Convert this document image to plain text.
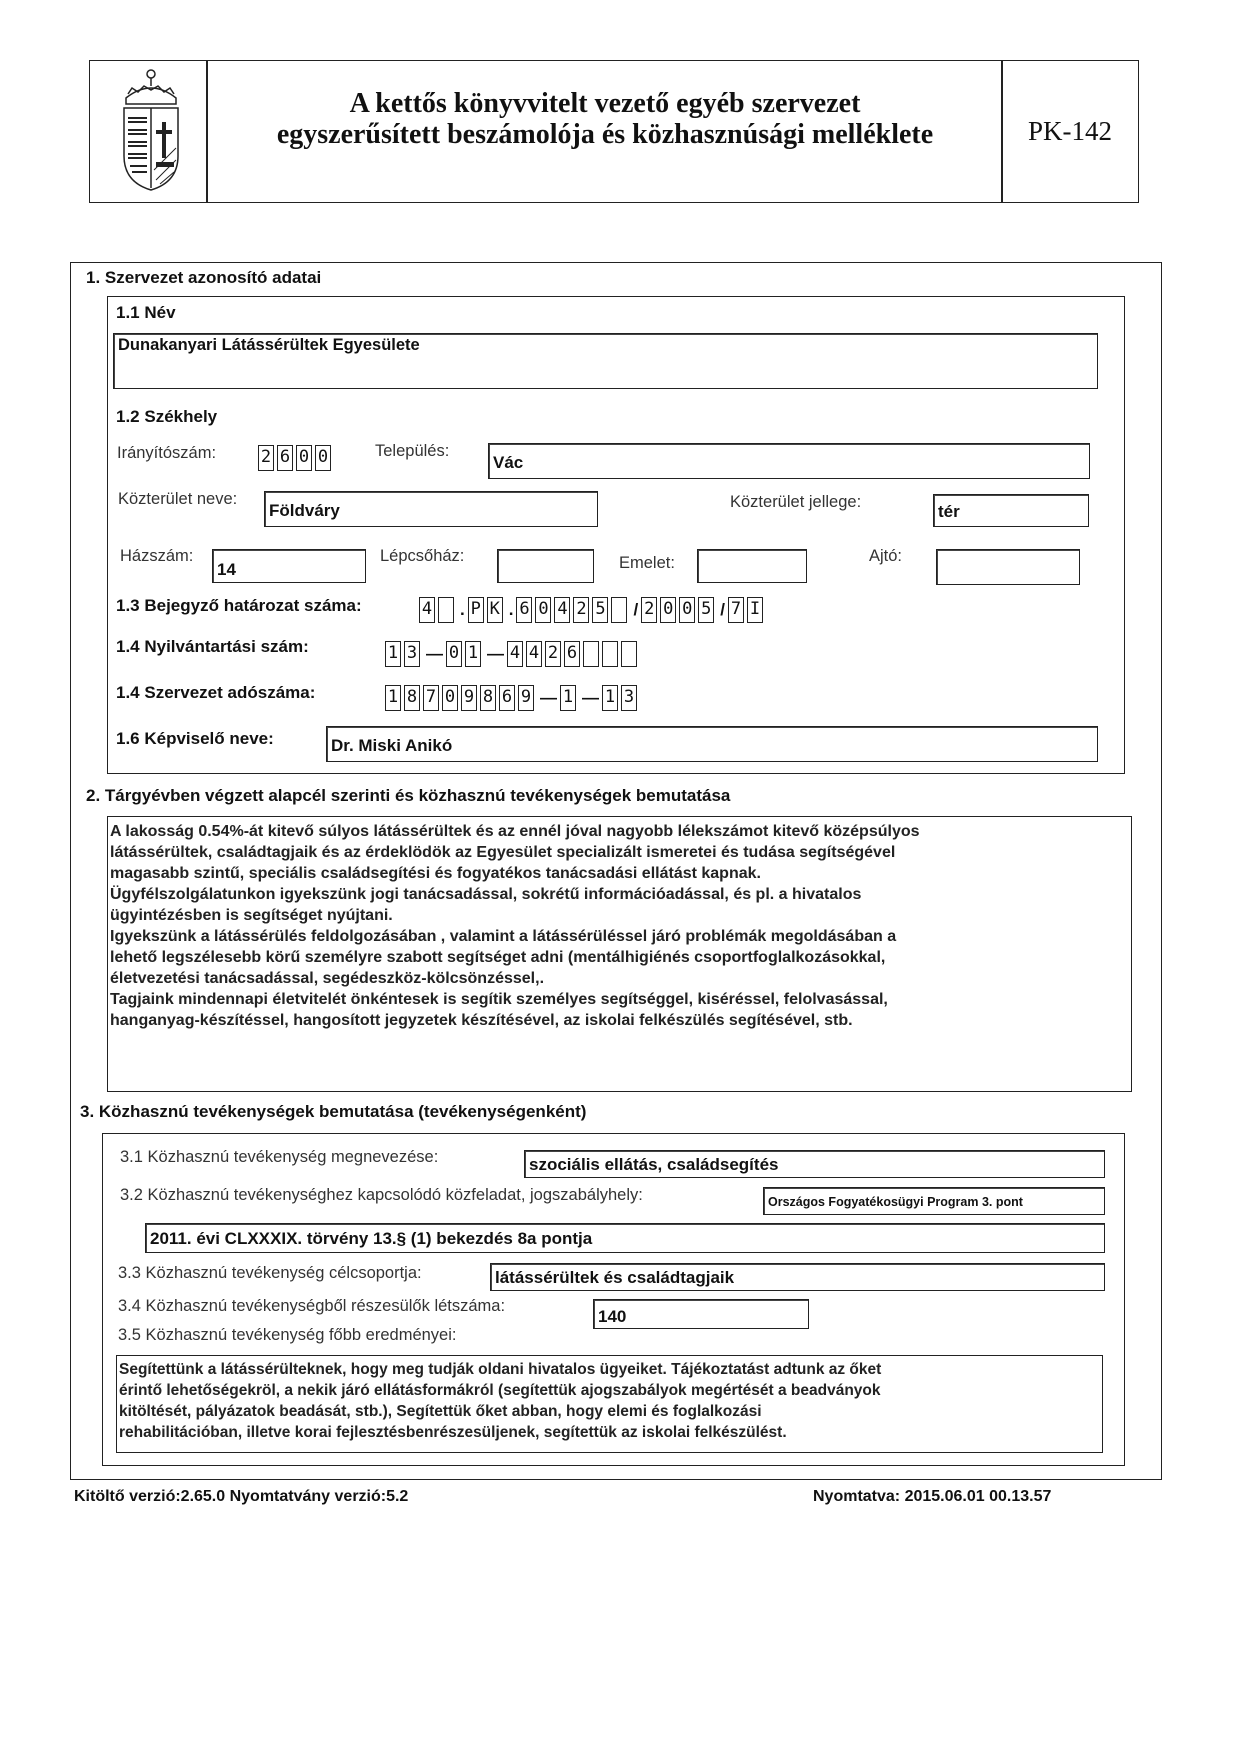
A kettős könyvvitelt vezető egyéb szervezet
egyszerűsített beszámolója és közhasznúsági melléklete	PK-142
1. Szervezet azonosító adatai
1.1 Név
Dunakanyari Látássérültek Egyesülete
1.2 Székhely
Irányítószám:	2 6 0 0	Település:
Vác
Közterület neve:
Földváry	Közterület jellege:	tér
Házszám:
14
Lépcsőház:	Emelet:	Ajtó:
1.3 Bejegyző határozat száma:	4 . P K . 6 0 4 2 5 / 2 0 0 5 / 7 I
1.4 Nyilvántartási szám:	1 3 — 0 1 — 4 4 2 6
1.4 Szervezet adószáma:	1 8 7 0 9 8 6 9 — 1 — 1 3
1.6 Képviselő neve:	Dr. Miski Anikó
2. Tárgyévben végzett alapcél szerinti és közhasznú tevékenységek bemutatása

A lakosság 0.54%-át kitevő súlyos látássérültek és az ennél jóval nagyobb lélekszámot kitevő középsúlyos

látássérültek, családtagjaik és az érdeklödök az Egyesület specializált ismeretei és tudása segítségével

magasabb szintű, speciális családsegítési és fogyatékos tanácsadási ellátást kapnak.

Ügyfélszolgálatunkon igyekszünk jogi tanácsadással, sokrétű információadással, és pl. a hivatalos

ügyintézésben is segítséget nyújtani.

Igyekszünk a látássérülés feldolgozásában , valamint a látássérüléssel járó problémák megoldásában a

lehető legszélesebb körű személyre szabott segítséget adni (mentálhigiénés csoportfoglalkozásokkal,

életvezetési tanácsadással, segédeszköz-kölcsönzéssel,.

Tagjaink mindennapi életvitelét önkéntesek is segítik személyes segítséggel, kiséréssel, felolvasással,

hanganyag-készítéssel, hangosított jegyzetek készítésével, az iskolai felkészülés segítésével, stb.

3. Közhasznú tevékenységek bemutatása (tevékenységenként)
3.1 Közhasznú tevékenység megnevezése:	szociális ellátás, családsegítés
3.2 Közhasznú tevékenységhez kapcsolódó közfeladat, jogszabályhely:	Országos Fogyatékosügyi Program 3. pont
2011. évi CLXXXIX. törvény 13.§ (1) bekezdés 8a pontja
3.3 Közhasznú tevékenység célcsoportja:	látássérültek és családtagjaik
3.4 Közhasznú tevékenységből részesülők létszáma:
140
3.5 Közhasznú tevékenység főbb eredményei:

Segítettünk a látássérülteknek, hogy meg tudják oldani hivatalos ügyeiket. Tájékoztatást adtunk az őket

érintő lehetőségekröl, a nekik járó ellátásformákról (segítettük ajogszabályok megértését a beadványok

kitöltését, pályázatok beadását, stb.), Segítettük őket abban, hogy elemi és foglalkozási

rehabilitációban, illetve korai fejlesztésbenrészesüljenek, segítettük az iskolai felkészülést.

Kitöltő verzió:2.65.0 Nyomtatvány verzió:5.2	Nyomtatva: 2015.06.01 00.13.57
